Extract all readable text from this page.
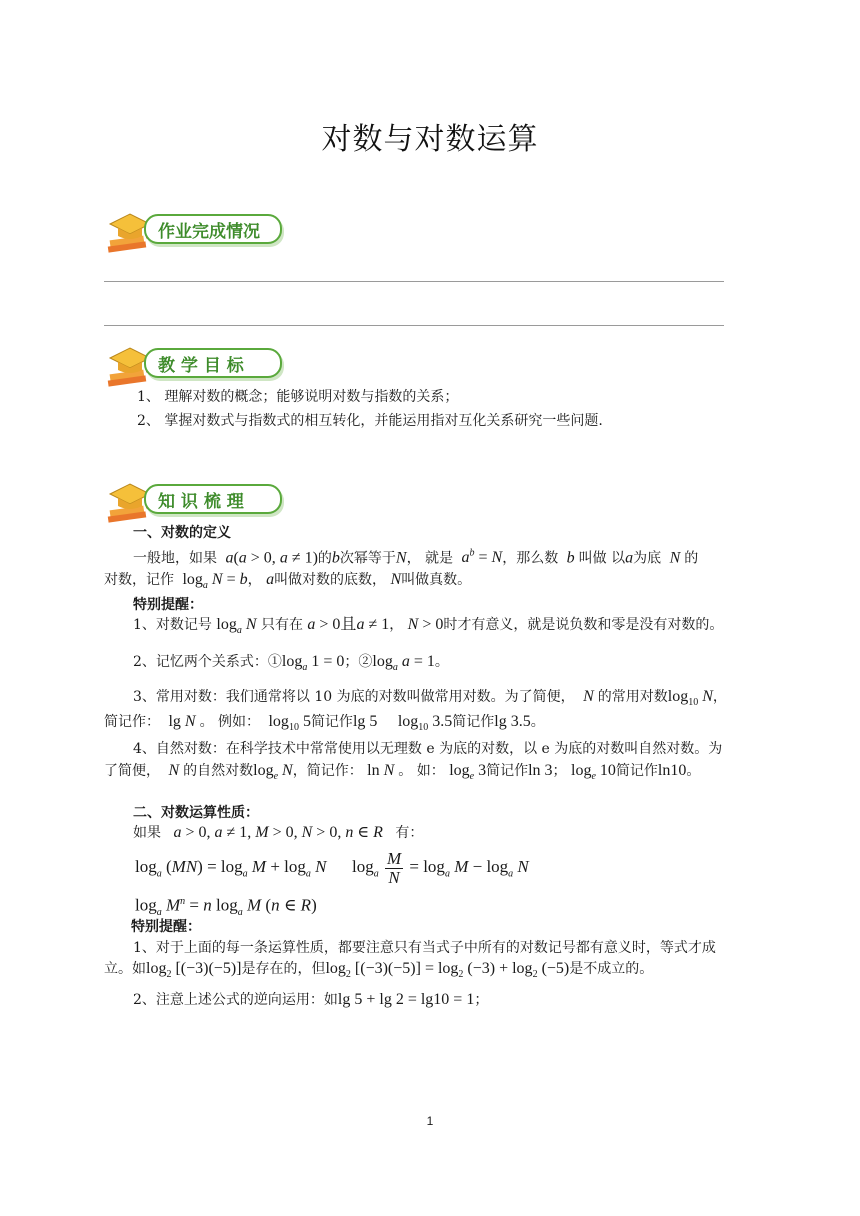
对数与对数运算
作业完成情况
教 学 目 标
1、 理解对数的概念；能够说明对数与指数的关系；
2、 掌握对数式与指数式的相互转化，并能运用指对互化关系研究一些问题.
知 识 梳 理
一、对数的定义
一般地，如果 a(a > 0, a ≠ 1)的b次幂等于N， 就是 $a^b = N$，那么数  b 叫做 以a为底  N 的
对数，记作  $\log_a N = b$， a叫做对数的底数， N叫做真数。
特别提醒：
1、对数记号 $\log_a N$ 只有在 a > 0且a ≠ 1， N > 0时才有意义，就是说负数和零是没有对数的。
2、记忆两个关系式：$①\log_a$ 1 = 0；$②\log_a$ a = 1。
3、常用对数：我们通常将以 10 为底的对数叫做常用对数。为了简便，  N 的常用对数$\log_{10} N$，
简记作：  lg N 。 例如：  $\log_{10} 5$简记作lg 5     $\log_{10} 3.5$简记作lg 3.5。
4、自然对数：在科学技术中常常使用以无理数 e 为底的对数，以 e 为底的对数叫自然对数。为
了简便，  N 的自然对数$\log_e N$，简记作： ln N 。 如： $\log_e 3$简记作ln 3； $\log_e 10$简记作ln10。
二、对数运算性质：
如果 a > 0, a ≠ 1, M > 0, N > 0, n ∈ R 有：
$\log_a (MN) = \log_a M + \log_a N$      $\log_a \frac{M}{N} = \log_a M - \log_a N$
$\log_a M^n = n$ $\log_a M$ (n ∈ R)
特别提醒：
1、对于上面的每一条运算性质，都要注意只有当式子中所有的对数记号都有意义时，等式才成
立。如$\log_2 [(-3)(-5)]$是存在的，但$\log_2 [(-3)(-5)] = \log_2 (-3) + \log_2 (-5)$是不成立的。
2、注意上述公式的逆向运用：如lg 5 + lg 2 = lg10 = 1；
1
